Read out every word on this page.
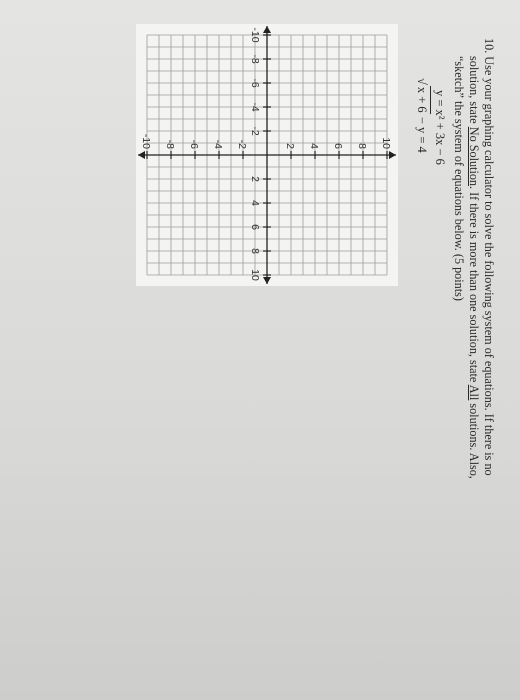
10. Use your graphing calculator to solve the following system of equations. If there is no

solution, state No Solution. If there is more than one solution, state All solutions. Also,

“sketch” the system of equations below. (5 points)

y = x² + 3x − 6
√x + 6 − y = 4
-10
-8
-6
-4
-2
2
4
6
8
10
10
8
6
4
2
-2
-4
-6
-8
-10
